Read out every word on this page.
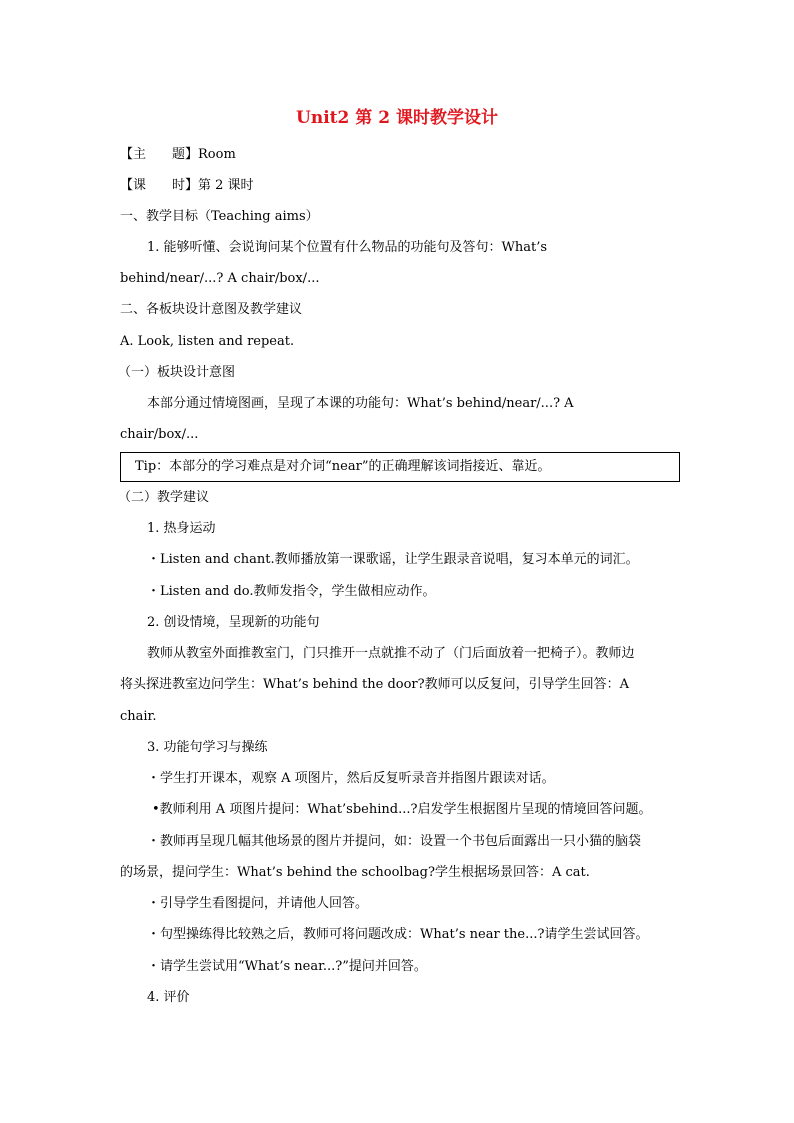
Unit2 第 2 课时教学设计
【主　　题】Room
【课　　时】第 2 课时
一、教学目标（Teaching aims）
1. 能够听懂、会说询问某个位置有什么物品的功能句及答句：What’s
behind/near/...? A chair/box/...
二、各板块设计意图及教学建议
A. Look, listen and repeat.
（一）板块设计意图
本部分通过情境图画，呈现了本课的功能句：What’s behind/near/...? A
chair/box/...
Tip：本部分的学习难点是对介词“near”的正确理解该词指接近、靠近。
（二）教学建议
1. 热身运动
・Listen and chant.教师播放第一课歌谣，让学生跟录音说唱，复习本单元的词汇。
・Listen and do.教师发指令，学生做相应动作。
2. 创设情境，呈现新的功能句
教师从教室外面推教室门，门只推开一点就推不动了（门后面放着一把椅子）。教师边
将头探进教室边问学生：What’s behind the door?教师可以反复问，引导学生回答：A
chair.
3. 功能句学习与操练
・学生打开课本，观察 A 项图片，然后反复听录音并指图片跟读对话。
•教师利用 A 项图片提问：What’sbehind...?启发学生根据图片呈现的情境回答问题。
・教师再呈现几幅其他场景的图片并提问，如：设置一个书包后面露出一只小猫的脑袋
的场景，提问学生：What’s behind the schoolbag?学生根据场景回答：A cat.
・引导学生看图提问，并请他人回答。
・句型操练得比较熟之后，教师可将问题改成：What’s near the...?请学生尝试回答。
・请学生尝试用“What’s near...?”提问并回答。
4. 评价
